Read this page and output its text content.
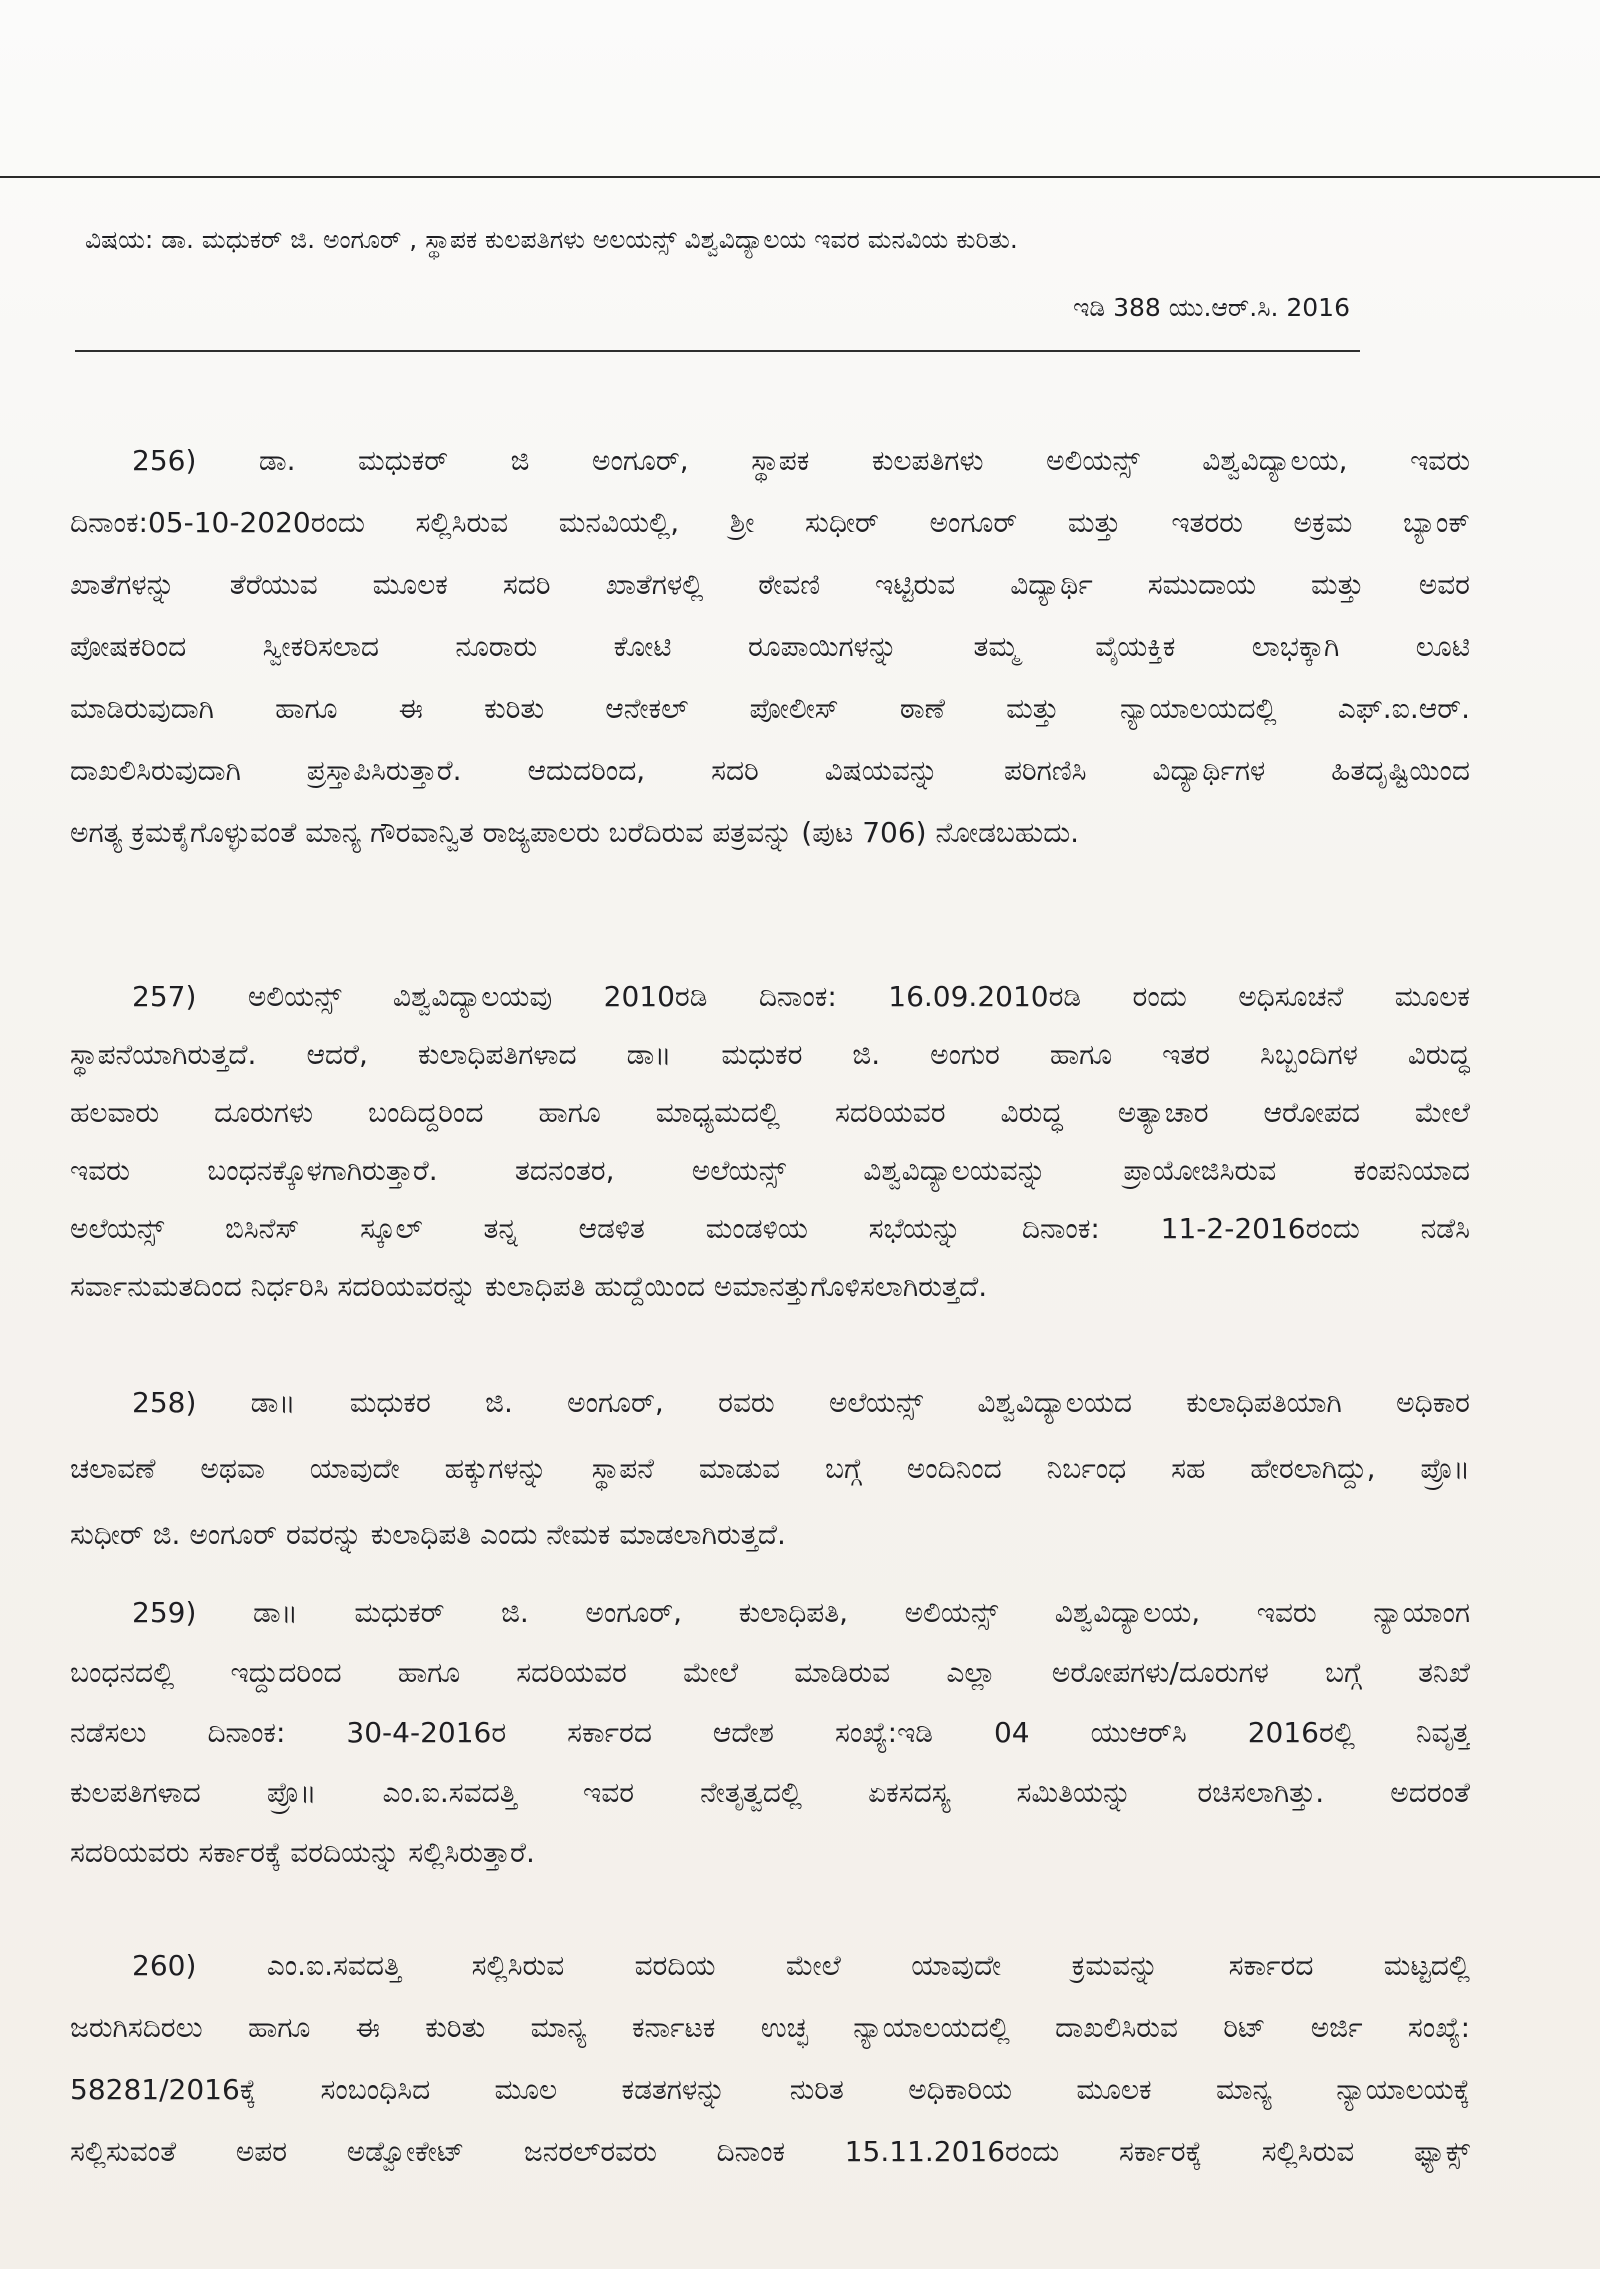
ವಿಷಯ: ಡಾ. ಮಧುಕರ್ ಜಿ. ಅಂಗೂರ್ , ಸ್ಥಾಪಕ ಕುಲಪತಿಗಳು ಅಲಯನ್ಸ್ ವಿಶ್ವವಿದ್ಯಾಲಯ ಇವರ ಮನವಿಯ ಕುರಿತು.
ಇಡಿ 388 ಯು.ಆರ್.ಸಿ. 2016
256) ಡಾ. ಮಧುಕರ್ ಜಿ ಅಂಗೂರ್, ಸ್ಥಾಪಕ ಕುಲಪತಿಗಳು ಅಲಿಯನ್ಸ್ ವಿಶ್ವವಿದ್ಯಾಲಯ, ಇವರು
ದಿನಾಂಕ:05-10-2020ರಂದು ಸಲ್ಲಿಸಿರುವ ಮನವಿಯಲ್ಲಿ, ಶ್ರೀ ಸುಧೀರ್ ಅಂಗೂರ್ ಮತ್ತು ಇತರರು ಅಕ್ರಮ ಬ್ಯಾಂಕ್
ಖಾತೆಗಳನ್ನು ತೆರೆಯುವ ಮೂಲಕ ಸದರಿ ಖಾತೆಗಳಲ್ಲಿ ಠೇವಣಿ ಇಟ್ಟಿರುವ ವಿದ್ಯಾರ್ಥಿ ಸಮುದಾಯ ಮತ್ತು ಅವರ
ಪೋಷಕರಿಂದ ಸ್ವೀಕರಿಸಲಾದ ನೂರಾರು ಕೋಟಿ ರೂಪಾಯಿಗಳನ್ನು ತಮ್ಮ ವೈಯಕ್ತಿಕ ಲಾಭಕ್ಕಾಗಿ ಲೂಟಿ
ಮಾಡಿರುವುದಾಗಿ ಹಾಗೂ ಈ ಕುರಿತು ಆನೇಕಲ್ ಪೋಲೀಸ್ ಠಾಣೆ ಮತ್ತು ನ್ಯಾಯಾಲಯದಲ್ಲಿ ಎಫ್.ಐ.ಆರ್.
ದಾಖಲಿಸಿರುವುದಾಗಿ ಪ್ರಸ್ತಾಪಿಸಿರುತ್ತಾರೆ. ಆದುದರಿಂದ, ಸದರಿ ವಿಷಯವನ್ನು ಪರಿಗಣಿಸಿ ವಿದ್ಯಾರ್ಥಿಗಳ ಹಿತದೃಷ್ಟಿಯಿಂದ
ಅಗತ್ಯ ಕ್ರಮಕೈಗೊಳ್ಳುವಂತೆ ಮಾನ್ಯ ಗೌರವಾನ್ವಿತ ರಾಜ್ಯಪಾಲರು ಬರೆದಿರುವ ಪತ್ರವನ್ನು (ಪುಟ 706) ನೋಡಬಹುದು.
257) ಅಲಿಯನ್ಸ್ ವಿಶ್ವವಿದ್ಯಾಲಯವು 2010ರಡಿ ದಿನಾಂಕ: 16.09.2010ರಡಿ ರಂದು ಅಧಿಸೂಚನೆ ಮೂಲಕ
ಸ್ಥಾಪನೆಯಾಗಿರುತ್ತದೆ. ಆದರೆ, ಕುಲಾಧಿಪತಿಗಳಾದ ಡಾ॥ ಮಧುಕರ ಜಿ. ಅಂಗುರ ಹಾಗೂ ಇತರ ಸಿಬ್ಬಂದಿಗಳ ವಿರುದ್ಧ
ಹಲವಾರು ದೂರುಗಳು ಬಂದಿದ್ದರಿಂದ ಹಾಗೂ ಮಾಧ್ಯಮದಲ್ಲಿ ಸದರಿಯವರ ವಿರುದ್ಧ ಅತ್ಯಾಚಾರ ಆರೋಪದ ಮೇಲೆ
ಇವರು ಬಂಧನಕ್ಕೊಳಗಾಗಿರುತ್ತಾರೆ. ತದನಂತರ, ಅಲೆಯನ್ಸ್ ವಿಶ್ವವಿದ್ಯಾಲಯವನ್ನು ಪ್ರಾಯೋಜಿಸಿರುವ ಕಂಪನಿಯಾದ
ಅಲೆಯನ್ಸ್ ಬಿಸಿನೆಸ್ ಸ್ಕೂಲ್ ತನ್ನ ಆಡಳಿತ ಮಂಡಳಿಯ ಸಭೆಯನ್ನು ದಿನಾಂಕ: 11-2-2016ರಂದು ನಡೆಸಿ
ಸರ್ವಾನುಮತದಿಂದ ನಿರ್ಧರಿಸಿ ಸದರಿಯವರನ್ನು ಕುಲಾಧಿಪತಿ ಹುದ್ದೆಯಿಂದ ಅಮಾನತ್ತುಗೊಳಿಸಲಾಗಿರುತ್ತದೆ.
258) ಡಾ॥ ಮಧುಕರ ಜಿ. ಅಂಗೂರ್, ರವರು ಅಲೆಯನ್ಸ್ ವಿಶ್ವವಿದ್ಯಾಲಯದ ಕುಲಾಧಿಪತಿಯಾಗಿ ಅಧಿಕಾರ
ಚಲಾವಣೆ ಅಥವಾ ಯಾವುದೇ ಹಕ್ಕುಗಳನ್ನು ಸ್ಥಾಪನೆ ಮಾಡುವ ಬಗ್ಗೆ ಅಂದಿನಿಂದ ನಿರ್ಬಂಧ ಸಹ ಹೇರಲಾಗಿದ್ದು, ಪ್ರೊ॥
ಸುಧೀರ್ ಜಿ. ಅಂಗೂರ್ ರವರನ್ನು ಕುಲಾಧಿಪತಿ ಎಂದು ನೇಮಕ ಮಾಡಲಾಗಿರುತ್ತದೆ.
259) ಡಾ॥ ಮಧುಕರ್ ಜಿ. ಅಂಗೂರ್, ಕುಲಾಧಿಪತಿ, ಅಲಿಯನ್ಸ್ ವಿಶ್ವವಿದ್ಯಾಲಯ, ಇವರು ನ್ಯಾಯಾಂಗ
ಬಂಧನದಲ್ಲಿ ಇದ್ದುದರಿಂದ ಹಾಗೂ ಸದರಿಯವರ ಮೇಲೆ ಮಾಡಿರುವ ಎಲ್ಲಾ ಅರೋಪಗಳು/ದೂರುಗಳ ಬಗ್ಗೆ ತನಿಖೆ
ನಡೆಸಲು ದಿನಾಂಕ: 30-4-2016ರ ಸರ್ಕಾರದ ಆದೇಶ ಸಂಖ್ಯೆ:ಇಡಿ 04 ಯುಆರ್‌ಸಿ 2016ರಲ್ಲಿ ನಿವೃತ್ತ
ಕುಲಪತಿಗಳಾದ ಪ್ರೊ॥ ಎಂ.ಐ.ಸವದತ್ತಿ ಇವರ ನೇತೃತ್ವದಲ್ಲಿ ಏಕಸದಸ್ಯ ಸಮಿತಿಯನ್ನು ರಚಿಸಲಾಗಿತ್ತು. ಅದರಂತೆ
ಸದರಿಯವರು ಸರ್ಕಾರಕ್ಕೆ ವರದಿಯನ್ನು ಸಲ್ಲಿಸಿರುತ್ತಾರೆ.
260) ಎಂ.ಐ.ಸವದತ್ತಿ ಸಲ್ಲಿಸಿರುವ ವರದಿಯ ಮೇಲೆ ಯಾವುದೇ ಕ್ರಮವನ್ನು ಸರ್ಕಾರದ ಮಟ್ಟದಲ್ಲಿ
ಜರುಗಿಸದಿರಲು ಹಾಗೂ ಈ ಕುರಿತು ಮಾನ್ಯ ಕರ್ನಾಟಕ ಉಚ್ಛ ನ್ಯಾಯಾಲಯದಲ್ಲಿ ದಾಖಲಿಸಿರುವ ರಿಟ್ ಅರ್ಜಿ ಸಂಖ್ಯೆ:
58281/2016ಕ್ಕೆ ಸಂಬಂಧಿಸಿದ ಮೂಲ ಕಡತಗಳನ್ನು ನುರಿತ ಅಧಿಕಾರಿಯ ಮೂಲಕ ಮಾನ್ಯ ನ್ಯಾಯಾಲಯಕ್ಕೆ
ಸಲ್ಲಿಸುವಂತೆ ಅಪರ ಅಡ್ವೋಕೇಟ್ ಜನರಲ್‌ರವರು ದಿನಾಂಕ 15.11.2016ರಂದು ಸರ್ಕಾರಕ್ಕೆ ಸಲ್ಲಿಸಿರುವ ಫ್ಯಾಕ್ಸ್
